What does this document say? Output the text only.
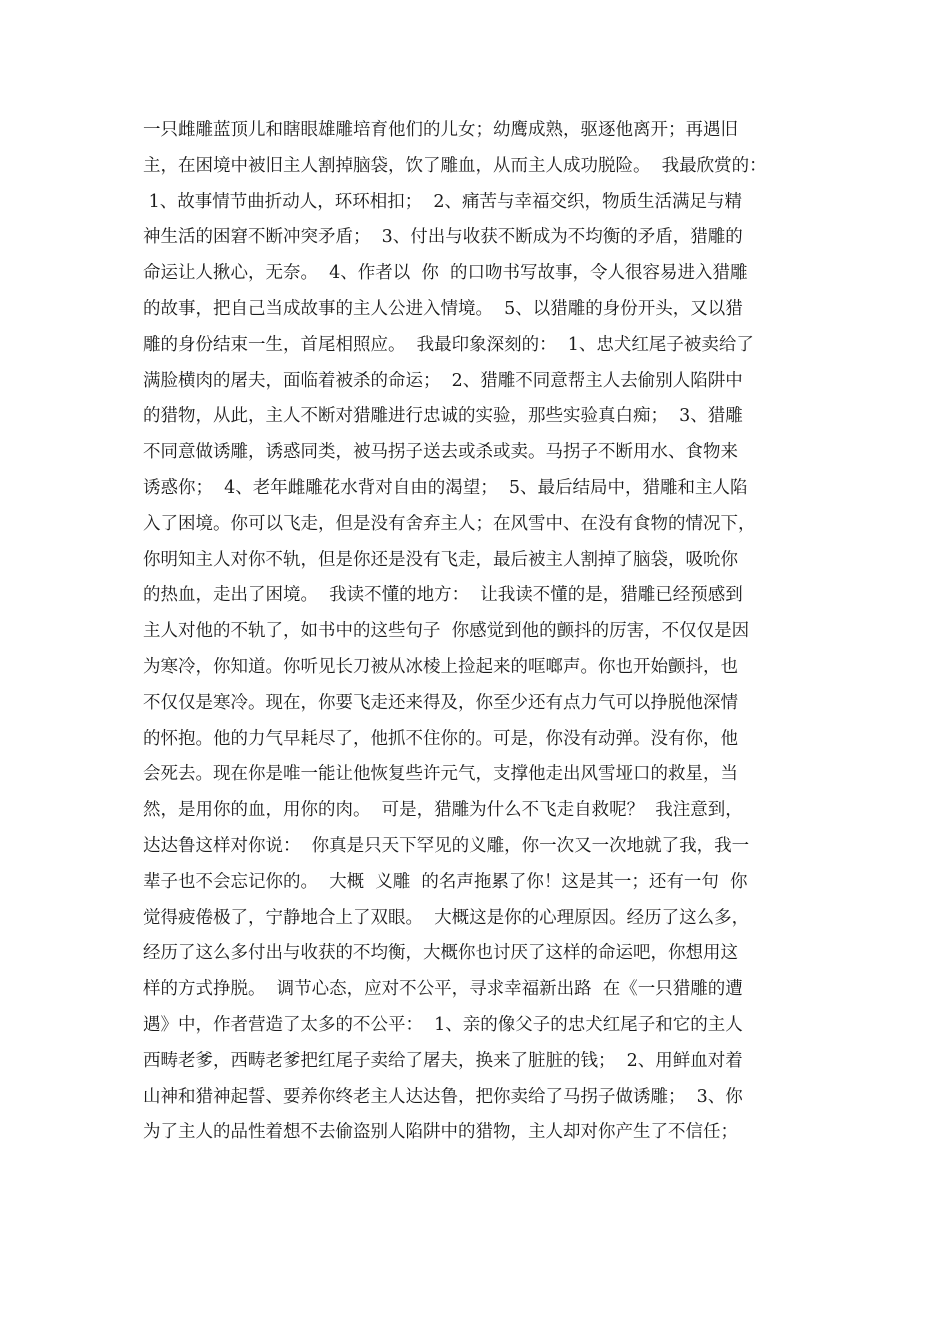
一只雌雕蓝顶儿和瞎眼雄雕培育他们的儿女；幼鹰成熟，驱逐他离开；再遇旧
主，在困境中被旧主人割掉脑袋，饮了雕血，从而主人成功脱险。  我最欣赏的：
1、故事情节曲折动人，环环相扣；  2、痛苦与幸福交织，物质生活满足与精
神生活的困窘不断冲突矛盾；  3、付出与收获不断成为不均衡的矛盾，猎雕的
命运让人揪心，无奈。  4、作者以  你  的口吻书写故事，令人很容易进入猎雕
的故事，把自己当成故事的主人公进入情境。  5、以猎雕的身份开头，又以猎
雕的身份结束一生，首尾相照应。  我最印象深刻的：  1、忠犬红尾子被卖给了
满脸横肉的屠夫，面临着被杀的命运；  2、猎雕不同意帮主人去偷别人陷阱中
的猎物，从此，主人不断对猎雕进行忠诚的实验，那些实验真白痴；  3、猎雕
不同意做诱雕，诱惑同类，被马拐子送去或杀或卖。马拐子不断用水、食物来
诱惑你；  4、老年雌雕花水背对自由的渴望；  5、最后结局中，猎雕和主人陷
入了困境。你可以飞走，但是没有舍弃主人；在风雪中、在没有食物的情况下，
你明知主人对你不轨，但是你还是没有飞走，最后被主人割掉了脑袋，吸吮你
的热血，走出了困境。  我读不懂的地方：  让我读不懂的是，猎雕已经预感到
主人对他的不轨了，如书中的这些句子  你感觉到他的颤抖的厉害，不仅仅是因
为寒冷，你知道。你听见长刀被从冰棱上捡起来的哐啷声。你也开始颤抖，也
不仅仅是寒冷。现在，你要飞走还来得及，你至少还有点力气可以挣脱他深情
的怀抱。他的力气早耗尽了，他抓不住你的。可是，你没有动弹。没有你，他
会死去。现在你是唯一能让他恢复些许元气，支撑他走出风雪垭口的救星，当
然，是用你的血，用你的肉。  可是，猎雕为什么不飞走自救呢？  我注意到，
达达鲁这样对你说：  你真是只天下罕见的义雕，你一次又一次地就了我，我一
辈子也不会忘记你的。  大概  义雕  的名声拖累了你！这是其一；还有一句  你
觉得疲倦极了，宁静地合上了双眼。  大概这是你的心理原因。经历了这么多，
经历了这么多付出与收获的不均衡，大概你也讨厌了这样的命运吧，你想用这
样的方式挣脱。  调节心态，应对不公平，寻求幸福新出路  在《一只猎雕的遭
遇》中，作者营造了太多的不公平：  1、亲的像父子的忠犬红尾子和它的主人
西畴老爹，西畴老爹把红尾子卖给了屠夫，换来了脏脏的钱；  2、用鲜血对着
山神和猎神起誓、要养你终老主人达达鲁，把你卖给了马拐子做诱雕；  3、你
为了主人的品性着想不去偷盗别人陷阱中的猎物，主人却对你产生了不信任；
